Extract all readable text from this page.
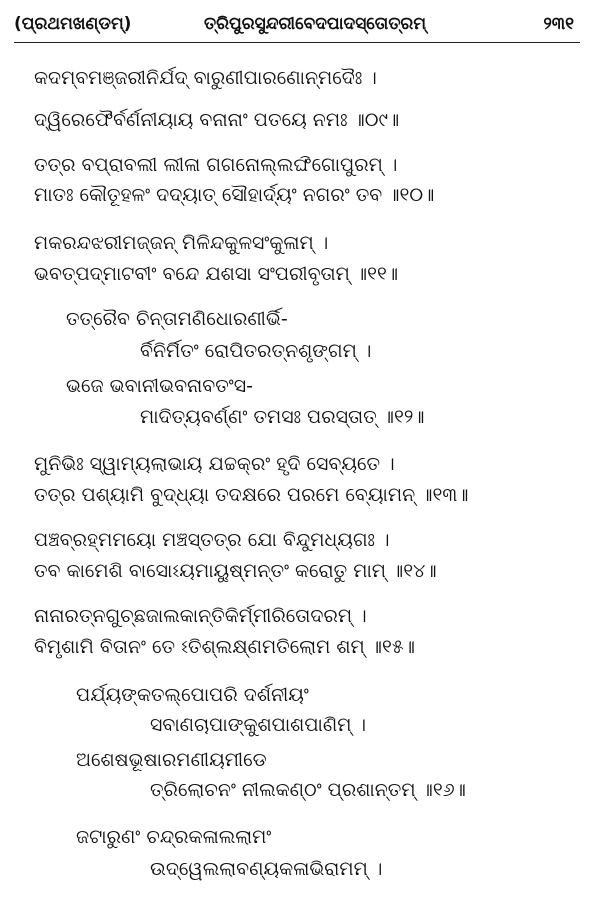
(ପ୍ରଥମଖଣ୍ଡମ୍)	ତ୍ରିପୁରସୁନ୍ଦରୀବେଦପାଦସ୍ତୋତ୍ରମ୍	୨୩୧
କଦମ୍ବମଞ୍ଜରୀନିର୍ଯଦ୍ ବାରୁଣୀପାରଣୋନ୍ମଦୈଃ ।
ଦ୍ୱିରେଫୈର୍ବର୍ଣନୀୟାୟ ବନାନାଂ ପତୟେ ନମଃ ॥୦୯॥
ତତ୍ର ବପ୍ରାବଲୀ ଲୀଳା ଗଗନୋଲ୍ଲଙ୍ଘିଗୋପୁରମ୍ ।
ମାତଃ କୌତୂହଳଂ ଦଦ୍ୟାତ୍ ସୌହାର୍ଦ୍ୟଂ ନଗରଂ ତବ ॥୧୦॥
ମକରନ୍ଦଝରୀମଜ୍ଜନ୍ ମିଳିନ୍ଦକୁଳସଂକୁଳାମ୍ ।
ଭବତ୍ପଦ୍ମାଟବୀଂ ବନ୍ଦେ ଯଶସା ସଂପରୀବୃତାମ୍ ॥୧୧॥
ତତ୍ରୈବ ଚିନ୍ତାମଣିଧୋରଣୀର୍ଭି-
ର୍ବିନିର୍ମିତଂ ରୋପିତରତ୍ନଶୃଙ୍ଗମ୍ ।
ଭଜେ ଭବାନୀଭବନାବତଂସ-
ମାଦିତ୍ୟବର୍ଣ୍ଣଂ ତମସଃ ପରସ୍ତାତ୍ ॥୧୨॥
ମୁନିଭିଃ ସ୍ୱାମ୍ୟଲାଭାୟ ଯଚ୍ଚକ୍ରଂ ହୃଦି ସେବ୍ୟତେ ।
ତତ୍ର ପଶ୍ୟାମି ବୁଦ୍ଧ୍ୟା ତଦକ୍ଷରେ ପରମେ ବ୍ୟୋମନ୍ ॥୧୩॥
ପଞ୍ଚବ୍ରହ୍ମମୟୋ ମଞ୍ଚସ୍ତତ୍ର ଯୋ ବିନ୍ଦୁମଧ୍ୟଗଃ ।
ତବ କାମେଶି ବାସୋଽୟମାୟୁଷ୍ମନ୍ତଂ କରୋତୁ ମାମ୍ ॥୧୪॥
ନାନାରତ୍ନଗୁଚ୍ଛଜାଲକାନ୍ତିକିର୍ମ୍ମୀରିତୋଦରମ୍ ।
ବିମୃଶାମି ବିତାନଂ ତେ ଽତିଶ୍ଲକ୍ଷ୍ଣମତିଲୋମ ଶମ୍ ॥୧୫॥
ପର୍ଯ୍ୟଙ୍କତଲ୍ପୋପରି ଦର୍ଶନୀୟଂ
ସବାଣଚାପାଙ୍କୁଶପାଶପାଣିମ୍ ।
ଅଶେଷଭୂଷାରମଣୀୟମୀଡେ
ତ୍ରିଲୋଚନଂ ନୀଲକଣ୍ଠଂ ପ୍ରଶାନ୍ତମ୍ ॥୧୬॥
ଜଟାରୁଣଂ ଚନ୍ଦ୍ରକଳାଲଲାମଂ
ଉଦ୍ୱେଲଲାବଣ୍ୟକଳାଭିରାମମ୍ ।
